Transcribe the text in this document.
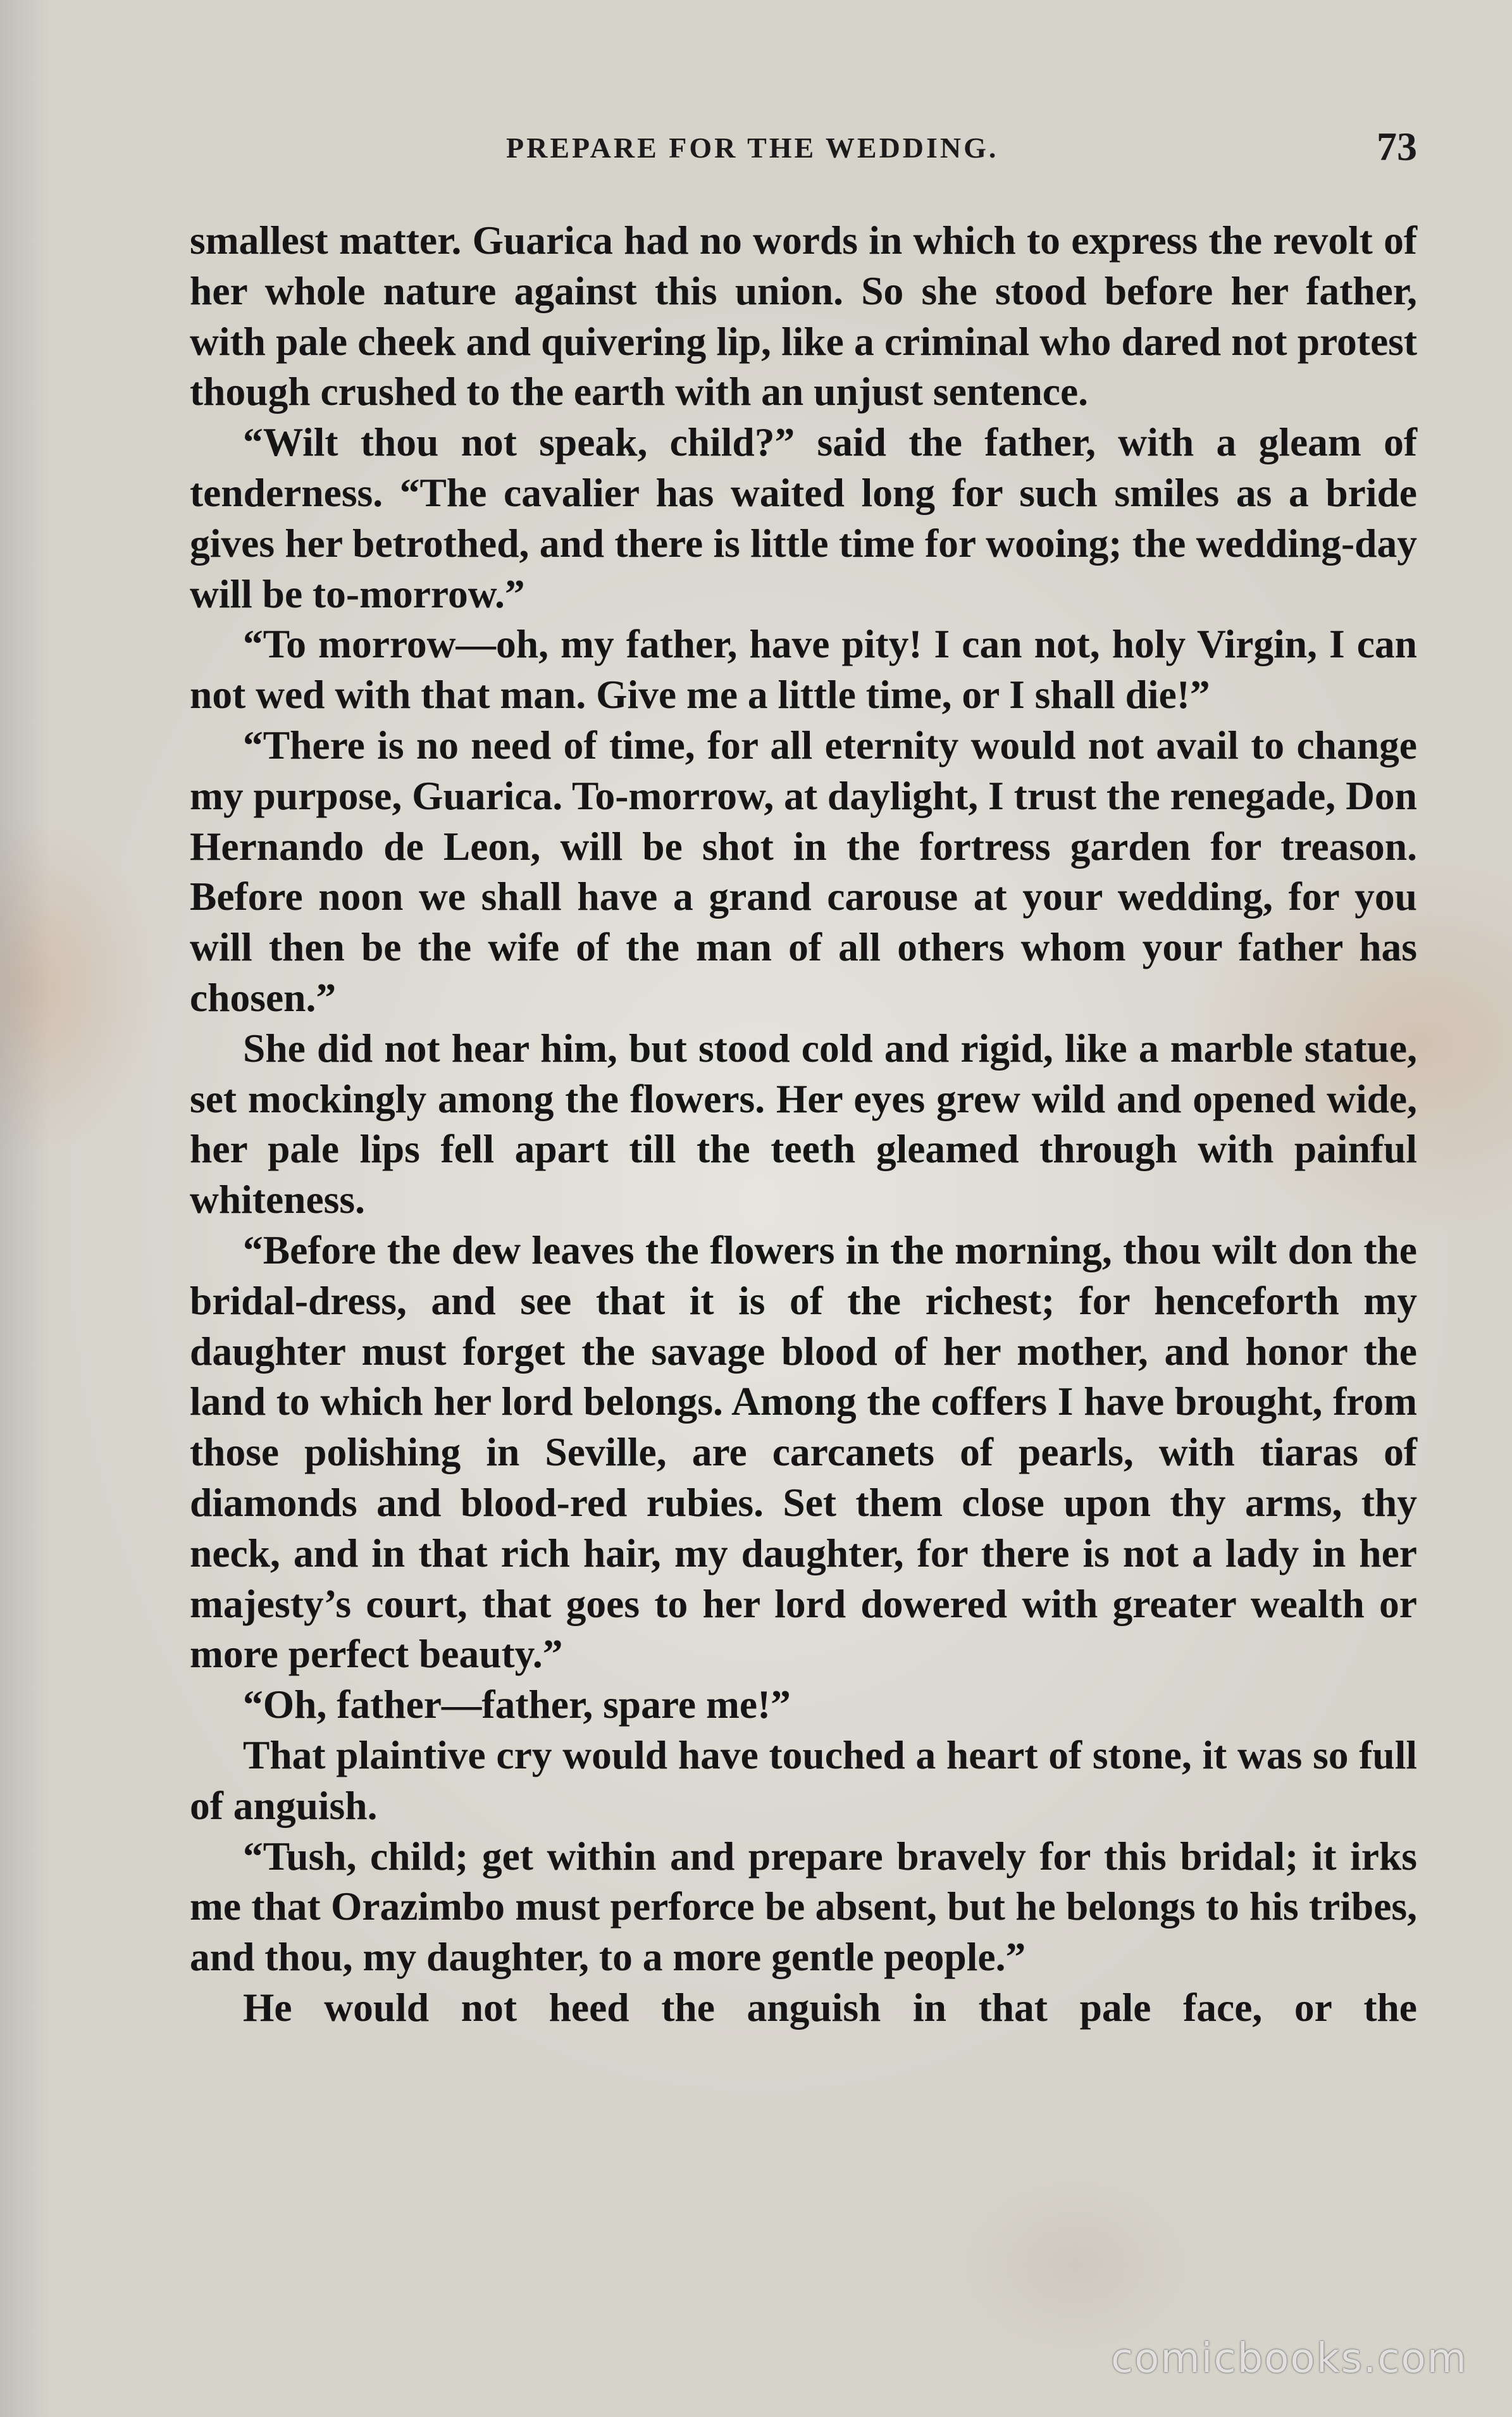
PREPARE FOR THE WEDDING.	73

smallest matter. Guarica had no words in which to express the revolt of her whole nature against this union. So she stood before her father, with pale cheek and quivering lip, like a criminal who dared not protest though crushed to the earth with an unjust sentence.

“Wilt thou not speak, child?” said the father, with a gleam of tenderness. “The cavalier has waited long for such smiles as a bride gives her betrothed, and there is little time for wooing; the wedding-day will be to-morrow.”

“To morrow—oh, my father, have pity! I can not, holy Virgin, I can not wed with that man. Give me a little time, or I shall die!”

“There is no need of time, for all eternity would not avail to change my purpose, Guarica. To-morrow, at daylight, I trust the renegade, Don Hernando de Leon, will be shot in the fortress garden for treason. Before noon we shall have a grand carouse at your wedding, for you will then be the wife of the man of all others whom your father has chosen.”

She did not hear him, but stood cold and rigid, like a marble statue, set mockingly among the flowers. Her eyes grew wild and opened wide, her pale lips fell apart till the teeth gleamed through with painful whiteness.

“Before the dew leaves the flowers in the morning, thou wilt don the bridal-dress, and see that it is of the richest; for henceforth my daughter must forget the savage blood of her mother, and honor the land to which her lord belongs. Among the coffers I have brought, from those polishing in Seville, are carcanets of pearls, with tiaras of diamonds and blood-red rubies. Set them close upon thy arms, thy neck, and in that rich hair, my daughter, for there is not a lady in her majesty’s court, that goes to her lord dowered with greater wealth or more perfect beauty.”

“Oh, father—father, spare me!”

That plaintive cry would have touched a heart of stone, it was so full of anguish.

“Tush, child; get within and prepare bravely for this bridal; it irks me that Orazimbo must perforce be absent, but he belongs to his tribes, and thou, my daughter, to a more gentle people.”

He would not heed the anguish in that pale face, or the

comicbooks.com
